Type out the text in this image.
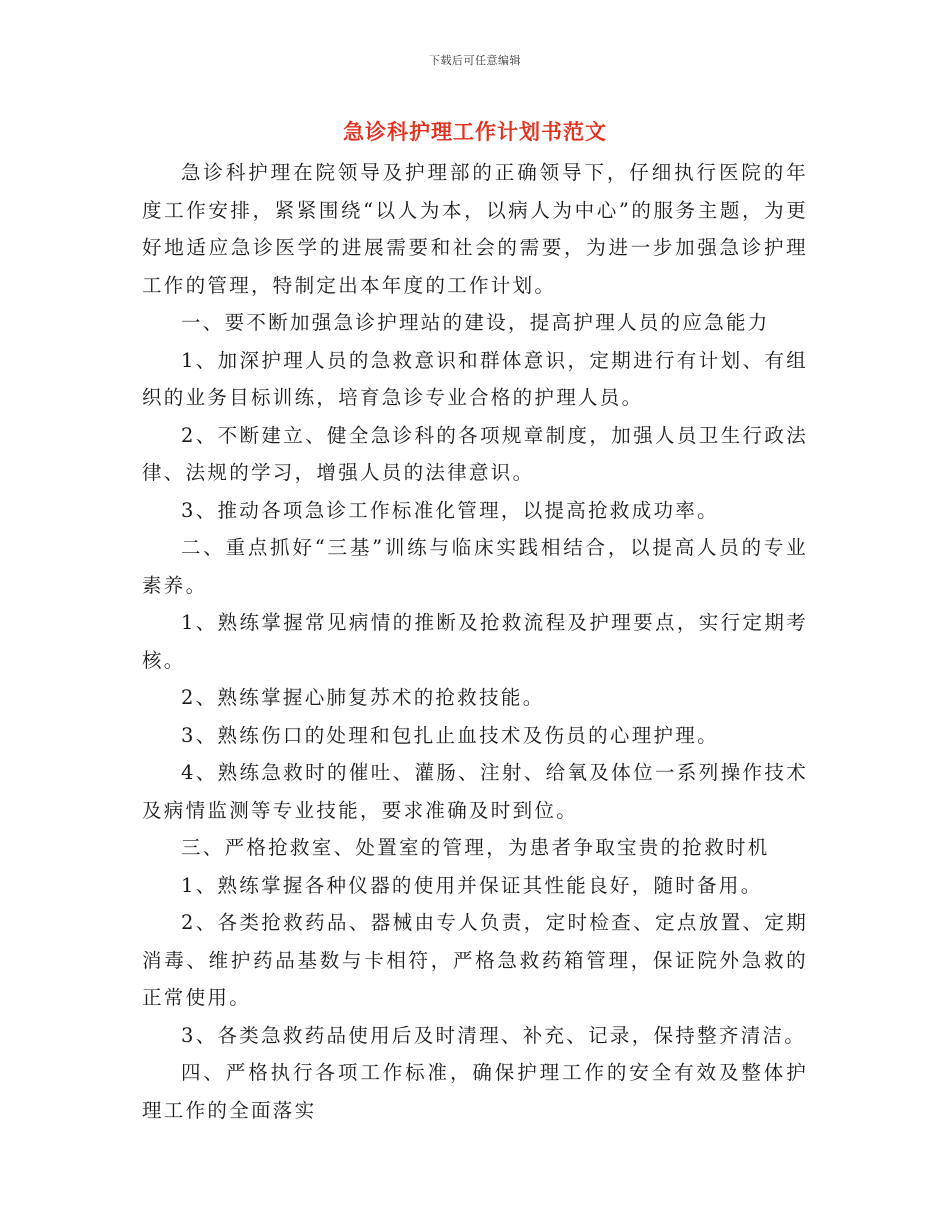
下载后可任意编辑
急诊科护理工作计划书范文

急诊科护理在院领导及护理部的正确领导下，仔细执行医院的年度工作安排，紧紧围绕“以人为本，以病人为中心”的服务主题，为更好地适应急诊医学的进展需要和社会的需要，为进一步加强急诊护理工作的管理，特制定出本年度的工作计划。

一、要不断加强急诊护理站的建设，提高护理人员的应急能力

1、加深护理人员的急救意识和群体意识，定期进行有计划、有组织的业务目标训练，培育急诊专业合格的护理人员。

2、不断建立、健全急诊科的各项规章制度，加强人员卫生行政法律、法规的学习，增强人员的法律意识。

3、推动各项急诊工作标准化管理，以提高抢救成功率。

二、重点抓好“三基”训练与临床实践相结合，以提高人员的专业素养。

1、熟练掌握常见病情的推断及抢救流程及护理要点，实行定期考核。

2、熟练掌握心肺复苏术的抢救技能。

3、熟练伤口的处理和包扎止血技术及伤员的心理护理。

4、熟练急救时的催吐、灌肠、注射、给氧及体位一系列操作技术及病情监测等专业技能，要求准确及时到位。

三、严格抢救室、处置室的管理，为患者争取宝贵的抢救时机

1、熟练掌握各种仪器的使用并保证其性能良好，随时备用。

2、各类抢救药品、器械由专人负责，定时检查、定点放置、定期消毒、维护药品基数与卡相符，严格急救药箱管理，保证院外急救的正常使用。

3、各类急救药品使用后及时清理、补充、记录，保持整齐清洁。

四、严格执行各项工作标准，确保护理工作的安全有效及整体护理工作的全面落实
